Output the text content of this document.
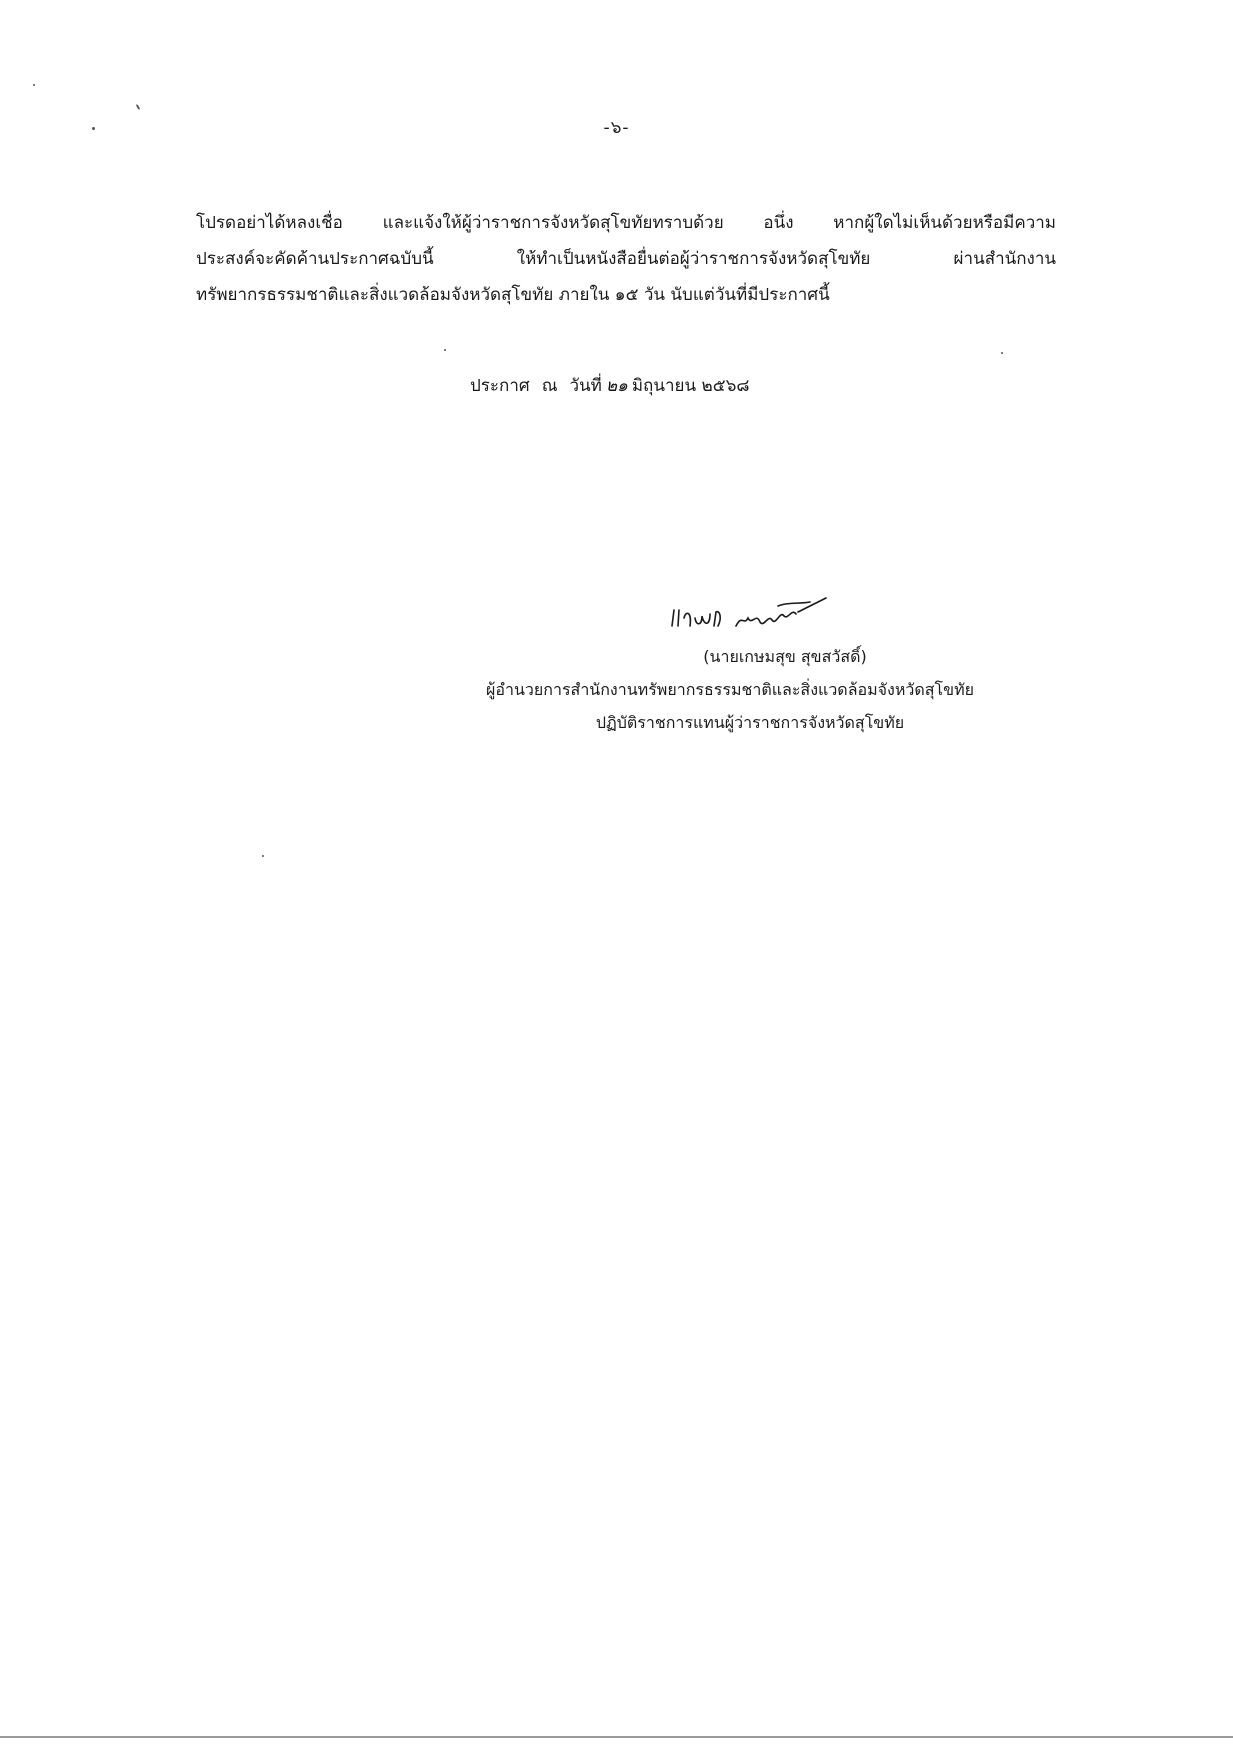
-๖-
โปรดอย่าได้หลงเชื่อ และแจ้งให้ผู้ว่าราชการจังหวัดสุโขทัยทราบด้วย อนึ่ง หากผู้ใดไม่เห็นด้วยหรือมีความ
ประสงค์จะคัดค้านประกาศฉบับนี้ ให้ทำเป็นหนังสือยื่นต่อผู้ว่าราชการจังหวัดสุโขทัย ผ่านสำนักงาน
ทรัพยากรธรรมชาติและสิ่งแวดล้อมจังหวัดสุโขทัย ภายใน ๑๕ วัน นับแต่วันที่มีประกาศนี้
ประกาศ ณ วันที่ ๒๑ มิถุนายน ๒๕๖๘
(นายเกษมสุข สุขสวัสดิ์)
ผู้อำนวยการสำนักงานทรัพยากรธรรมชาติและสิ่งแวดล้อมจังหวัดสุโขทัย
ปฏิบัติราชการแทนผู้ว่าราชการจังหวัดสุโขทัย
